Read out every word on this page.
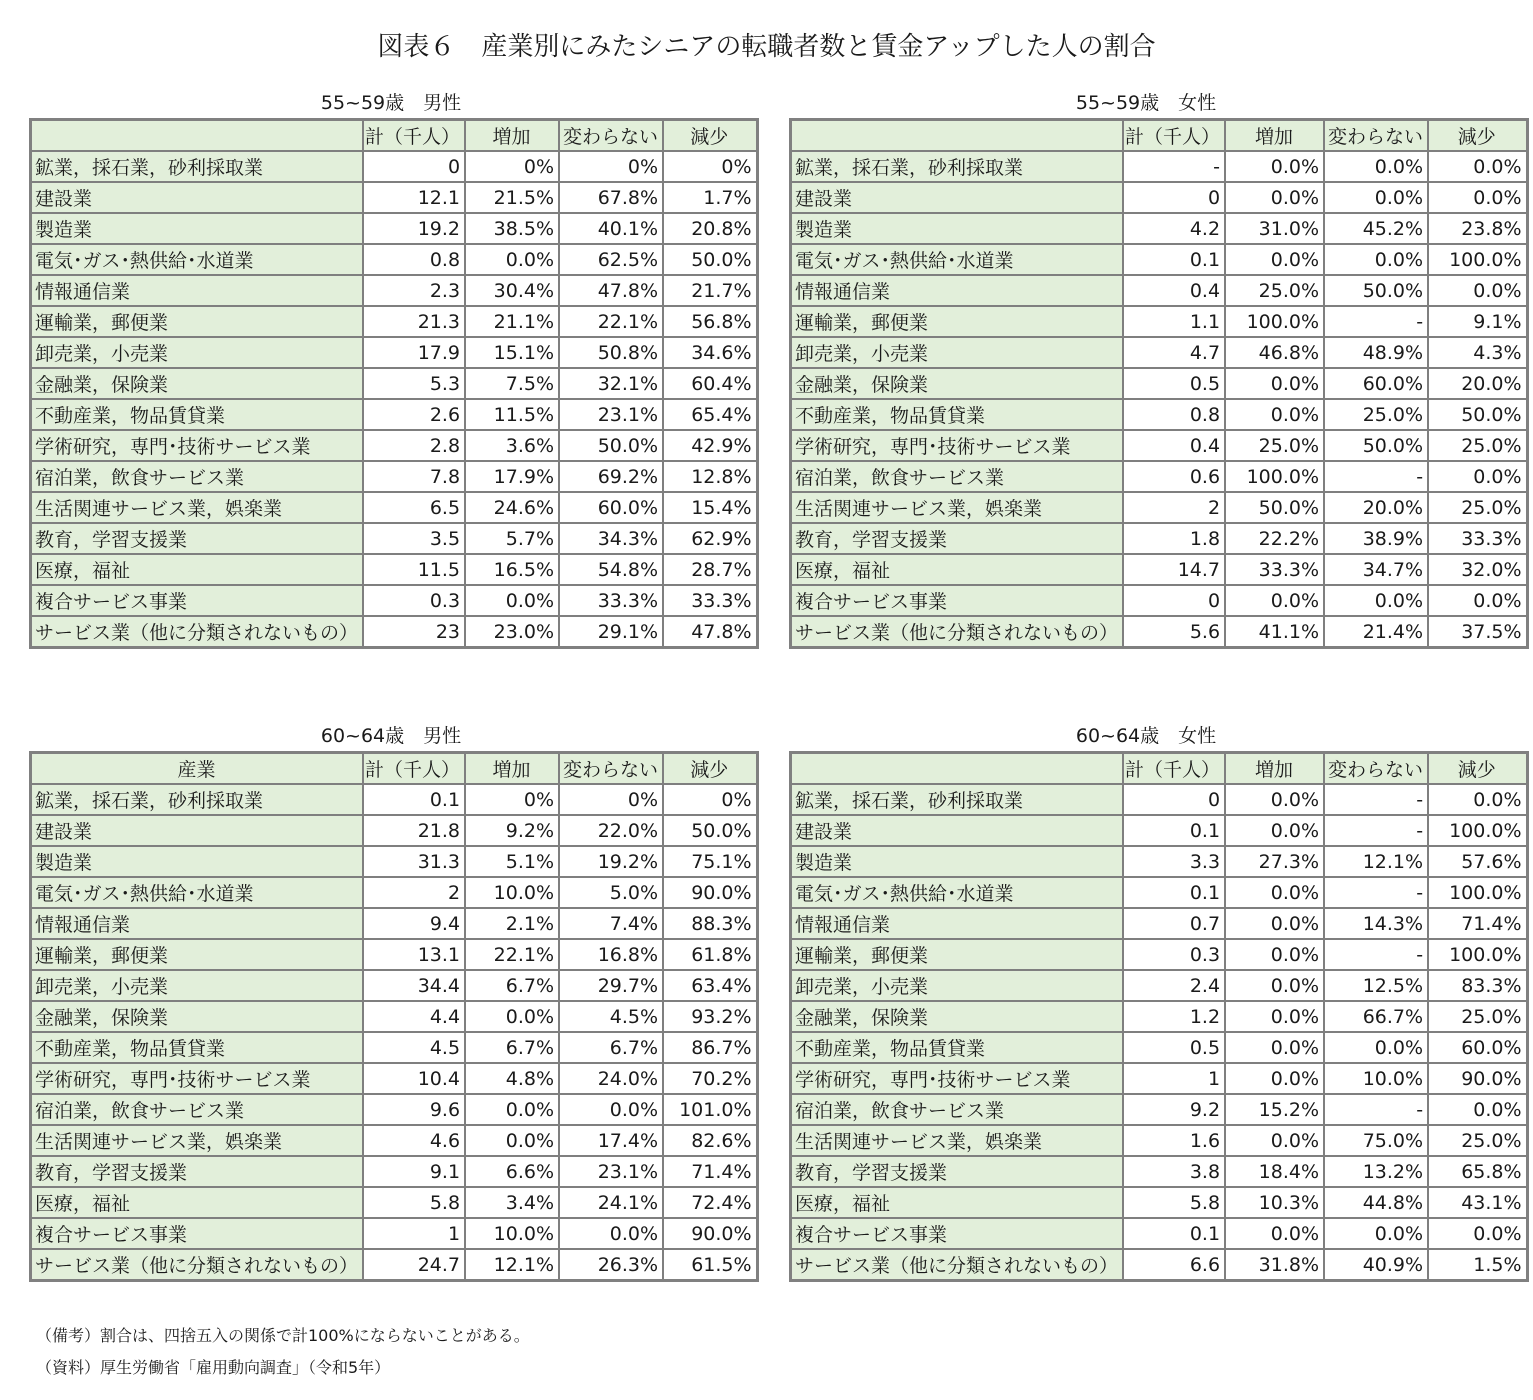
図表６　産業別にみたシニアの転職者数と賃金アップした人の割合
55~59歳　男性
	計（千人）	増加	変わらない	減少
鉱業，採石業，砂利採取業	0	0%	0%	0%
建設業	12.1	21.5%	67.8%	1.7%
製造業	19.2	38.5%	40.1%	20.8%
電気･ガス･熱供給･水道業	0.8	0.0%	62.5%	50.0%
情報通信業	2.3	30.4%	47.8%	21.7%
運輸業，郵便業	21.3	21.1%	22.1%	56.8%
卸売業，小売業	17.9	15.1%	50.8%	34.6%
金融業，保険業	5.3	7.5%	32.1%	60.4%
不動産業，物品賃貸業	2.6	11.5%	23.1%	65.4%
学術研究，専門･技術サービス業	2.8	3.6%	50.0%	42.9%
宿泊業，飲食サービス業	7.8	17.9%	69.2%	12.8%
生活関連サービス業，娯楽業	6.5	24.6%	60.0%	15.4%
教育，学習支援業	3.5	5.7%	34.3%	62.9%
医療，福祉	11.5	16.5%	54.8%	28.7%
複合サービス事業	0.3	0.0%	33.3%	33.3%
サービス業（他に分類されないもの）	23	23.0%	29.1%	47.8%
55~59歳　女性
	計（千人）	増加	変わらない	減少
鉱業，採石業，砂利採取業	-	0.0%	0.0%	0.0%
建設業	0	0.0%	0.0%	0.0%
製造業	4.2	31.0%	45.2%	23.8%
電気･ガス･熱供給･水道業	0.1	0.0%	0.0%	100.0%
情報通信業	0.4	25.0%	50.0%	0.0%
運輸業，郵便業	1.1	100.0%	-	9.1%
卸売業，小売業	4.7	46.8%	48.9%	4.3%
金融業，保険業	0.5	0.0%	60.0%	20.0%
不動産業，物品賃貸業	0.8	0.0%	25.0%	50.0%
学術研究，専門･技術サービス業	0.4	25.0%	50.0%	25.0%
宿泊業，飲食サービス業	0.6	100.0%	-	0.0%
生活関連サービス業，娯楽業	2	50.0%	20.0%	25.0%
教育，学習支援業	1.8	22.2%	38.9%	33.3%
医療，福祉	14.7	33.3%	34.7%	32.0%
複合サービス事業	0	0.0%	0.0%	0.0%
サービス業（他に分類されないもの）	5.6	41.1%	21.4%	37.5%
60~64歳　男性
産業	計（千人）	増加	変わらない	減少
鉱業，採石業，砂利採取業	0.1	0%	0%	0%
建設業	21.8	9.2%	22.0%	50.0%
製造業	31.3	5.1%	19.2%	75.1%
電気･ガス･熱供給･水道業	2	10.0%	5.0%	90.0%
情報通信業	9.4	2.1%	7.4%	88.3%
運輸業，郵便業	13.1	22.1%	16.8%	61.8%
卸売業，小売業	34.4	6.7%	29.7%	63.4%
金融業，保険業	4.4	0.0%	4.5%	93.2%
不動産業，物品賃貸業	4.5	6.7%	6.7%	86.7%
学術研究，専門･技術サービス業	10.4	4.8%	24.0%	70.2%
宿泊業，飲食サービス業	9.6	0.0%	0.0%	101.0%
生活関連サービス業，娯楽業	4.6	0.0%	17.4%	82.6%
教育，学習支援業	9.1	6.6%	23.1%	71.4%
医療，福祉	5.8	3.4%	24.1%	72.4%
複合サービス事業	1	10.0%	0.0%	90.0%
サービス業（他に分類されないもの）	24.7	12.1%	26.3%	61.5%
60~64歳　女性
	計（千人）	増加	変わらない	減少
鉱業，採石業，砂利採取業	0	0.0%	-	0.0%
建設業	0.1	0.0%	-	100.0%
製造業	3.3	27.3%	12.1%	57.6%
電気･ガス･熱供給･水道業	0.1	0.0%	-	100.0%
情報通信業	0.7	0.0%	14.3%	71.4%
運輸業，郵便業	0.3	0.0%	-	100.0%
卸売業，小売業	2.4	0.0%	12.5%	83.3%
金融業，保険業	1.2	0.0%	66.7%	25.0%
不動産業，物品賃貸業	0.5	0.0%	0.0%	60.0%
学術研究，専門･技術サービス業	1	0.0%	10.0%	90.0%
宿泊業，飲食サービス業	9.2	15.2%	-	0.0%
生活関連サービス業，娯楽業	1.6	0.0%	75.0%	25.0%
教育，学習支援業	3.8	18.4%	13.2%	65.8%
医療，福祉	5.8	10.3%	44.8%	43.1%
複合サービス事業	0.1	0.0%	0.0%	0.0%
サービス業（他に分類されないもの）	6.6	31.8%	40.9%	1.5%
（備考）割合は、四捨五入の関係で計100%にならないことがある。
（資料）厚生労働省「雇用動向調査」（令和5年）
